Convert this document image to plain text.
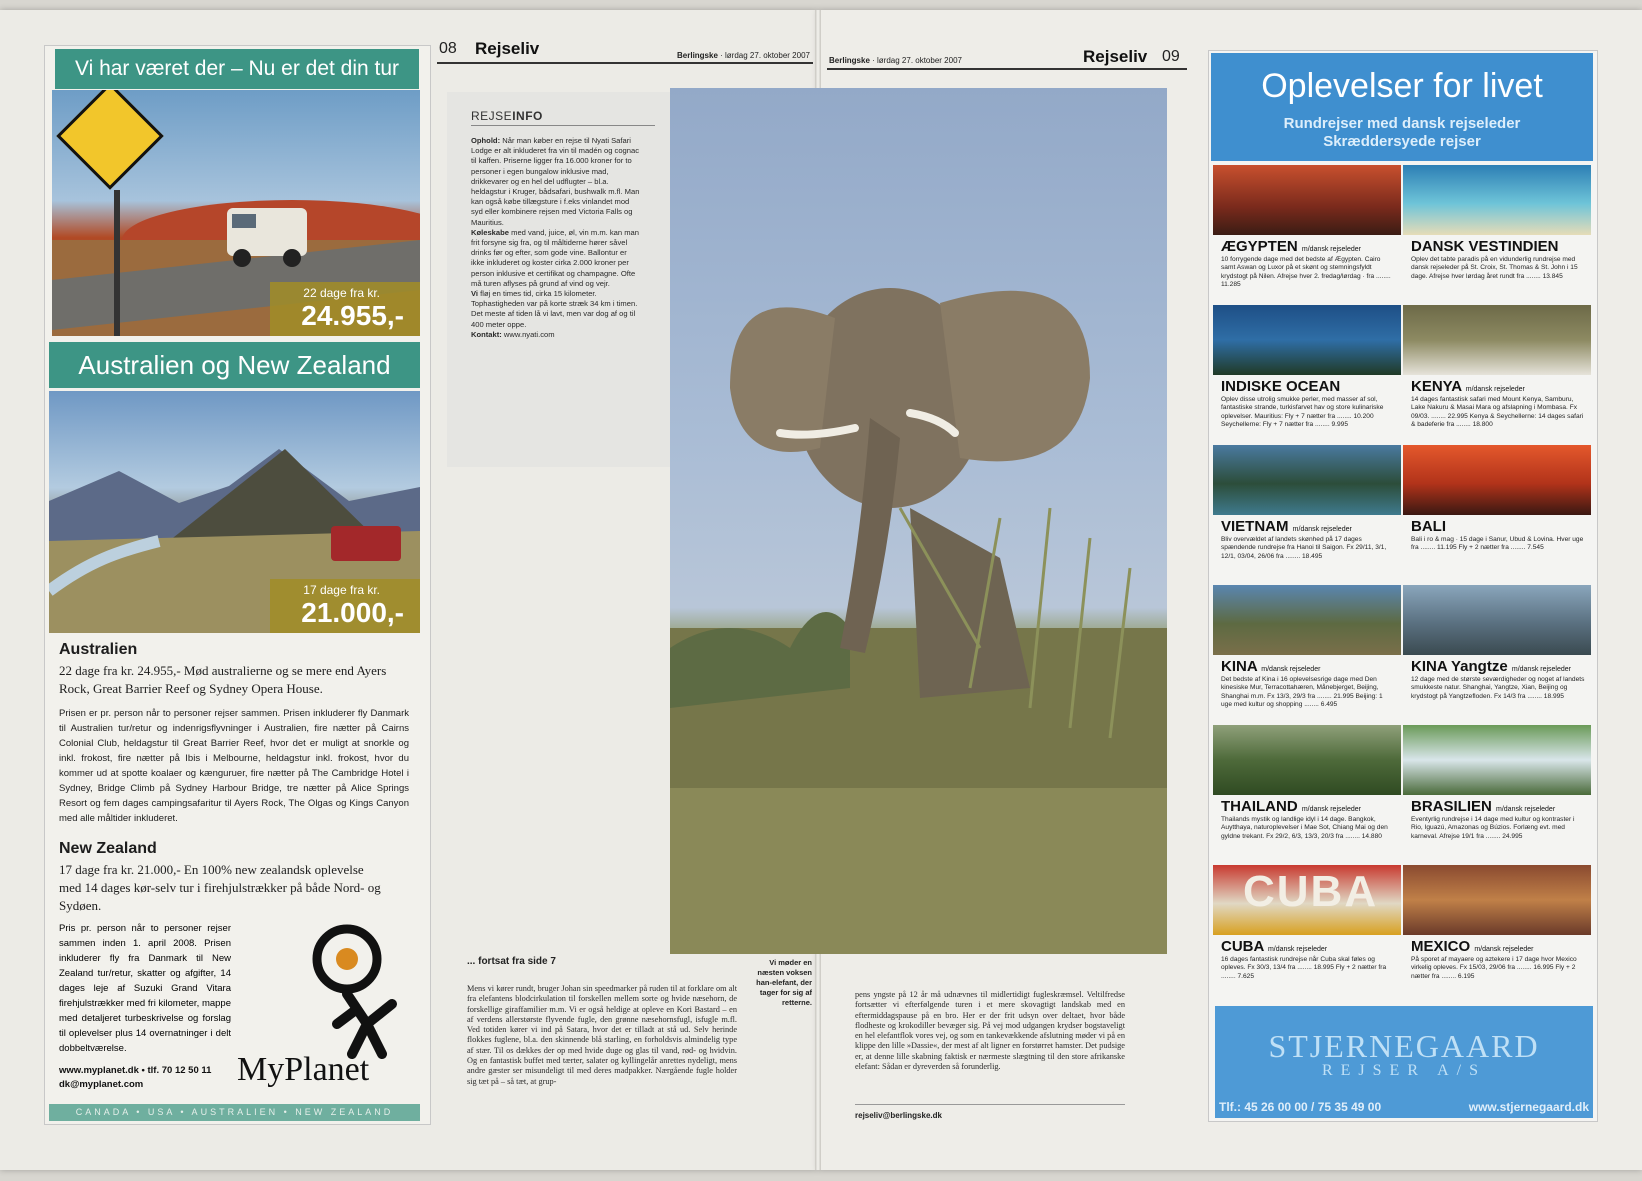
Vi har været der – Nu er det din tur
22 dage fra kr.
24.955,-
Australien og New Zealand
17 dage fra kr.
21.000,-
Australien
22 dage fra kr. 24.955,- Mød australierne og se mere end Ayers Rock, Great Barrier Reef og Sydney Opera House.
Prisen er pr. person når to personer rejser sammen. Prisen inkluderer fly Danmark til Australien tur/retur og indenrigsflyvninger i Australien, fire nætter på Cairns Colonial Club, heldagstur til Great Barrier Reef, hvor det er muligt at snorkle og inkl. frokost, fire nætter på Ibis i Melbourne, heldagstur inkl. frokost, hvor du kommer ud at spotte koalaer og kænguruer, fire nætter på The Cambridge Hotel i Sydney, Bridge Climb på Sydney Harbour Bridge, tre nætter på Alice Springs Resort og fem dages campingsafaritur til Ayers Rock, The Olgas og Kings Canyon med alle måltider inkluderet.
New Zealand
17 dage fra kr. 21.000,- En 100% new zealandsk oplevelse med 14 dages kør-selv tur i firehjulstrækker på både Nord- og Sydøen.
Pris pr. person når to personer rejser sammen inden 1. april 2008. Prisen inkluderer fly fra Danmark til New Zealand tur/retur, skatter og afgifter, 14 dages leje af Suzuki Grand Vitara firehjulstrækker med fri kilometer, mappe med detaljeret turbeskrivelse og forslag til oplevelser plus 14 overnatninger i delt dobbeltværelse.
www.myplanet.dk • tlf. 70 12 50 11
dk@myplanet.com	MyPlanet
CANADA • USA • AUSTRALIEN • NEW ZEALAND
08 Rejseliv	Berlingske · lørdag 27. oktober 2007
REJSEINFO
Ophold: Når man køber en rejse til Nyati Safari Lodge er alt inkluderet fra vin til madén og cognac til kaffen. Priserne ligger fra 16.000 kroner for to personer i egen bungalow inklusive mad, drikkevarer og en hel del udflugter – bl.a. heldagstur i Kruger, bådsafari, bushwalk m.fl. Man kan også købe tillægsture i f.eks vinlandet mod syd eller kombinere rejsen med Victoria Falls og Mauritius.
Køleskabe med vand, juice, øl, vin m.m. kan man frit forsyne sig fra, og til måltiderne hører såvel drinks før og efter, som gode vine. Ballontur er ikke inkluderet og koster cirka 2.000 kroner per person inklusive et certifikat og champagne. Ofte må turen aflyses på grund af vind og vejr.
Vi fløj en times tid, cirka 15 kilometer. Tophastigheden var på korte stræk 34 km i timen. Det meste af tiden lå vi lavt, men var dog af og til 400 meter oppe.
Kontakt: www.nyati.com
Vi møder en næsten voksen han-elefant, der tager for sig af retterne.
... fortsat fra side 7
Mens vi kører rundt, bruger Johan sin speedmarker på ruden til at forklare om alt fra elefantens blodcirkulation til forskellen mellem sorte og hvide næsehorn, de forskellige giraffamilier m.m. Vi er også heldige at opleve en Kori Bastard – en af verdens allerstørste flyvende fugle, den grønne næsehornsfugl, isfugle m.fl. Ved totiden kører vi ind på Satara, hvor det er tilladt at stå ud. Selv herinde flokkes fuglene, bl.a. den skinnende blå starling, en forholdsvis almindelig type af stær. Til os dækkes der op med hvide duge og glas til vand, rød- og hvidvin. Og en fantastisk buffet med tærter, salater og kyllingelår anrettes nydeligt, mens andre gæster ser misundeligt til med deres madpakker. Nærgående fugle holder sig tæt på – så tæt, at grup-
Berlingske · lørdag 27. oktober 2007	Rejseliv 09
pens yngste på 12 år må udnævnes til midlertidigt fugleskræmsel. Veltilfredse fortsætter vi efterfølgende turen i et mere skovagtigt landskab med en eftermiddagspause på en bro. Her er der frit udsyn over deltaet, hvor både flodheste og krokodiller bevæger sig. På vej mod udgangen krydser bogstaveligt en hel elefantflok vores vej, og som en tankevækkende afslutning møder vi på en klippe den lille »Dassie«, der mest af alt ligner en forstørret hamster. Det pudsige er, at denne lille skabning faktisk er nærmeste slægtning til den store afrikanske elefant: Sådan er dyreverden så forunderlig.
rejseliv@berlingske.dk
Oplevelser for livet
Rundrejser med dansk rejseleder
Skræddersyede rejser
ÆGYPTEN m/dansk rejseleder
10 forrygende dage med det bedste af Ægypten. Cairo samt Aswan og Luxor på et skønt og stemningsfyldt krydstogt på Nilen. Afrejse hver 2. fredag/lørdag · fra ........ 11.285
DANSK VESTINDIEN
Oplev det tabte paradis på en vidunderlig rundrejse med dansk rejseleder på St. Croix, St. Thomas & St. John i 15 dage. Afrejse hver lørdag året rundt fra ........ 13.845
INDISKE OCEAN
Oplev disse utrolig smukke perler, med masser af sol, fantastiske strande, turkisfarvet hav og store kulinariske oplevelser. Mauritius: Fly + 7 nætter fra ........ 10.200 Seychellerne: Fly + 7 nætter fra ........ 9.995
KENYA m/dansk rejseleder
14 dages fantastisk safari med Mount Kenya, Samburu, Lake Nakuru & Masai Mara og afslapning i Mombasa. Fx 09/03. ........ 22.995 Kenya & Seychellerne: 14 dages safari & badeferie fra ........ 18.800
VIETNAM m/dansk rejseleder
Bliv overvældet af landets skønhed på 17 dages spændende rundrejse fra Hanoi til Saigon. Fx 29/11, 3/1, 12/1, 03/04, 26/06 fra ........ 18.495
BALI
Bali i ro & mag · 15 dage i Sanur, Ubud & Lovina. Hver uge fra ........ 11.195 Fly + 2 nætter fra ........ 7.545
KINA m/dansk rejseleder
Det bedste af Kina i 16 oplevelsesrige dage med Den kinesiske Mur, Terracottahæren, Månebjerget, Beijing, Shanghai m.m. Fx 13/3, 29/3 fra ........ 21.995 Beijing: 1 uge med kultur og shopping ........ 6.495
KINA Yangtze m/dansk rejseleder
12 dage med de største seværdigheder og noget af landets smukkeste natur. Shanghai, Yangtze, Xian, Beijing og krydstogt på Yangtzefloden. Fx 14/3 fra ........ 18.995
THAILAND m/dansk rejseleder
Thailands mystik og landlige idyl i 14 dage. Bangkok, Auytthaya, naturoplevelser i Mae Sot, Chiang Mai og den gyldne trekant. Fx 29/2, 6/3, 13/3, 20/3 fra ........ 14.880
BRASILIEN m/dansk rejseleder
Eventyrlig rundrejse i 14 dage med kultur og kontraster i Rio, Iguazú, Amazonas og Búzios. Forlæng evt. med karneval. Afrejse 19/1 fra ........ 24.995
CUBA
CUBA m/dansk rejseleder
16 dages fantastisk rundrejse når Cuba skal føles og opleves. Fx 30/3, 13/4 fra ........ 18.995 Fly + 2 nætter fra ........ 7.625
MEXICO m/dansk rejseleder
På sporet af mayaere og aztekere i 17 dage hvor Mexico virkelig opleves. Fx 15/03, 29/06 fra ........ 16.995 Fly + 2 nætter fra ........ 6.195
STJERNEGAARD
REJSER A/S
Tlf.: 45 26 00 00 / 75 35 49 00	www.stjernegaard.dk
